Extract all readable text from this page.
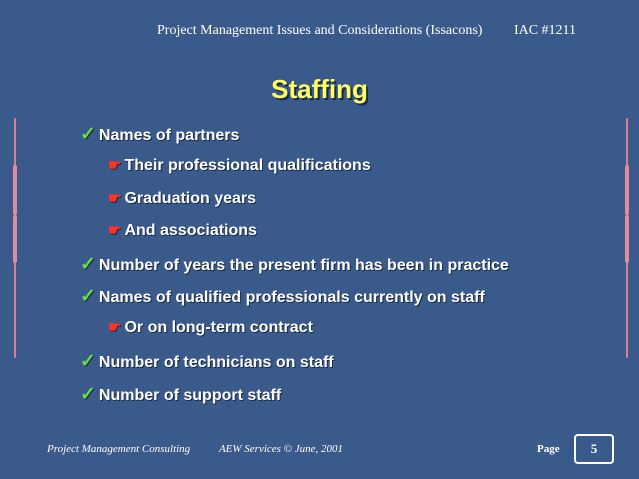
Project Management Issues and Considerations (Issacons) IAC #1211
Staffing
✓ Names of partners
☛ Their professional qualifications
☛ Graduation years
☛ And associations
✓ Number of years the present firm has been in practice
✓ Names of qualified professionals currently on staff
☛ Or on long-term contract
✓ Number of technicians on staff
✓ Number of support staff
Project Management Consulting	AEW Services © June, 2001	Page	5
